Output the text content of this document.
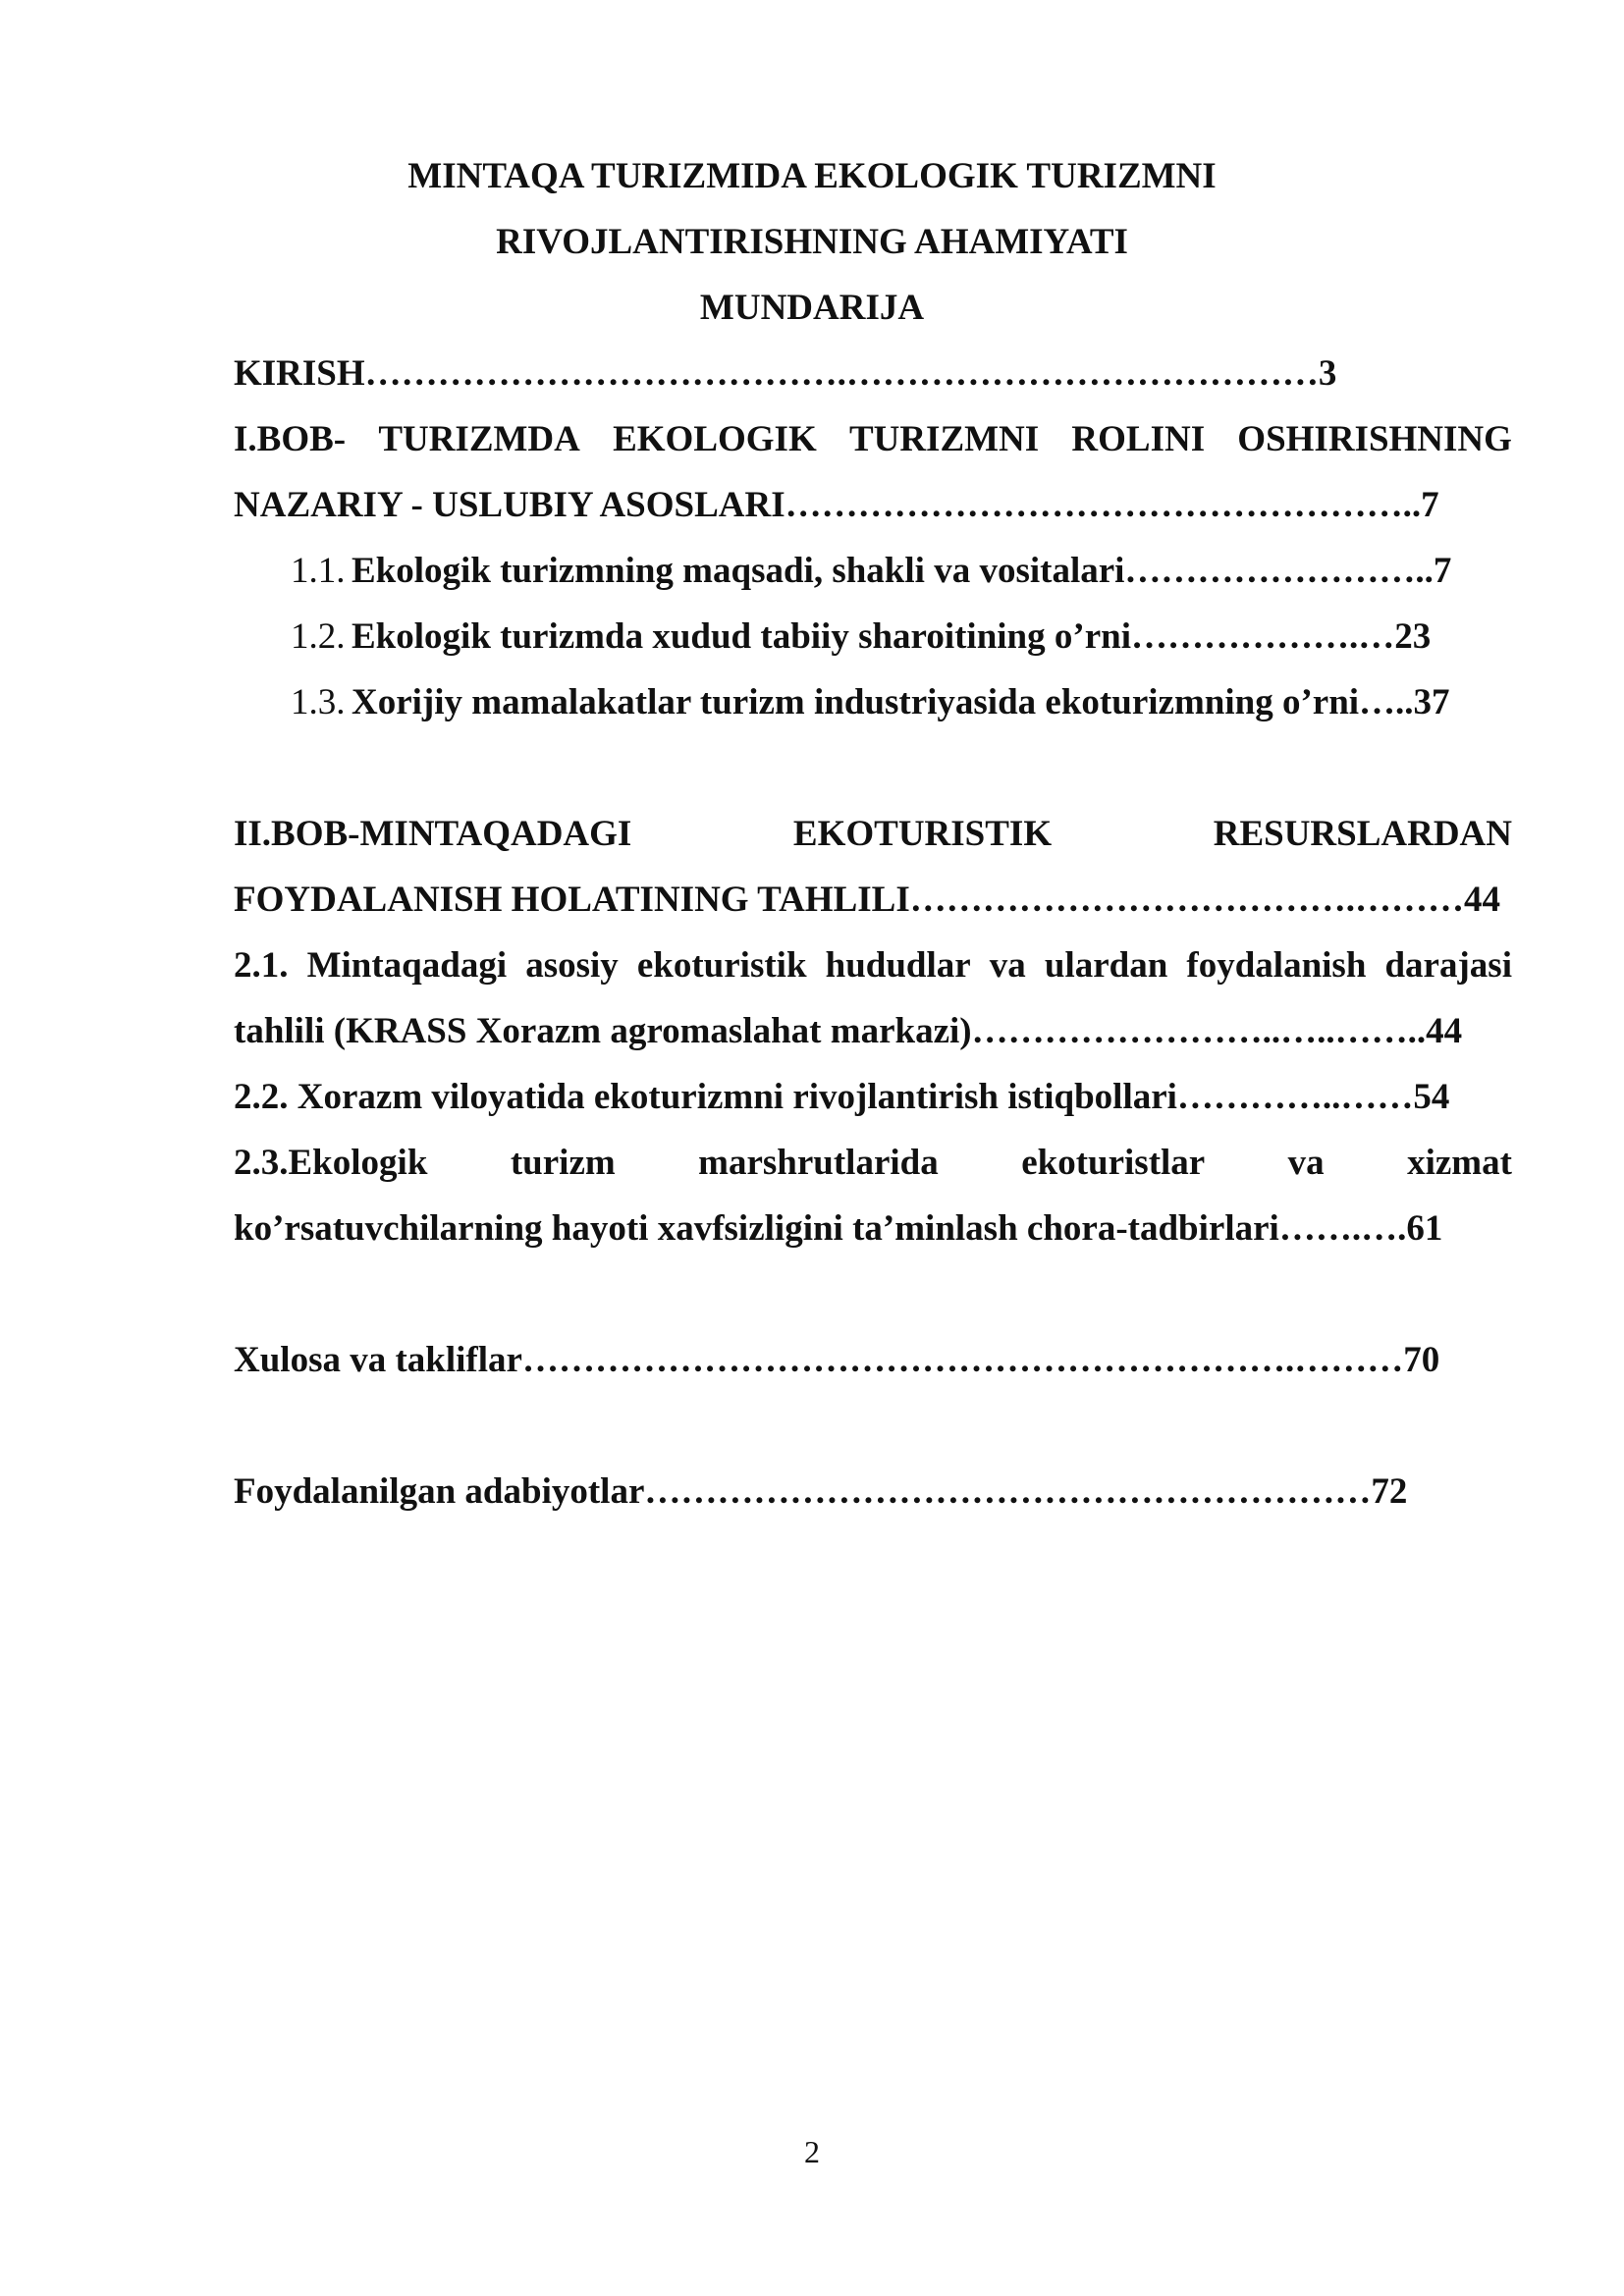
MINTAQA TURIZMIDA EKOLOGIK TURIZMNI
RIVOJLANTIRISHNING AHAMIYATI
MUNDARIJA
KIRISH………………………………….…………………………………3
I.BOB- TURIZMDA EKOLOGIK TURIZMNI ROLINI OSHIRISHNING
NAZARIY - USLUBIY ASOSLARI……………………………………………..7
1.1. Ekologik turizmning maqsadi, shakli va vositalari……………………..7
1.2. Ekologik turizmda xudud tabiiy sharoitining o’rni……………….…23
1.3. Xorijiy mamalakatlar turizm industriyasida ekoturizmning o’rni…..37
II.BOB-MINTAQADAGI	EKOTURISTIK	RESURSLARDAN
FOYDALANISH HOLATINING TAHLILI……………………………….………44
2.1. Mintaqadagi asosiy ekoturistik hududlar va ulardan foydalanish darajasi
tahlili (KRASS Xorazm agromaslahat markazi)……………………..…..……..44
2.2. Xorazm viloyatida ekoturizmni rivojlantirish istiqbollari…………..……54
2.3.Ekologik turizm marshrutlarida ekoturistlar va xizmat
ko’rsatuvchilarning hayoti xavfsizligini ta’minlash chora-tadbirlari…….….61
Xulosa va takliflar……………………………………………………….………70
Foydalanilgan adabiyotlar……………………………………………………72
2
